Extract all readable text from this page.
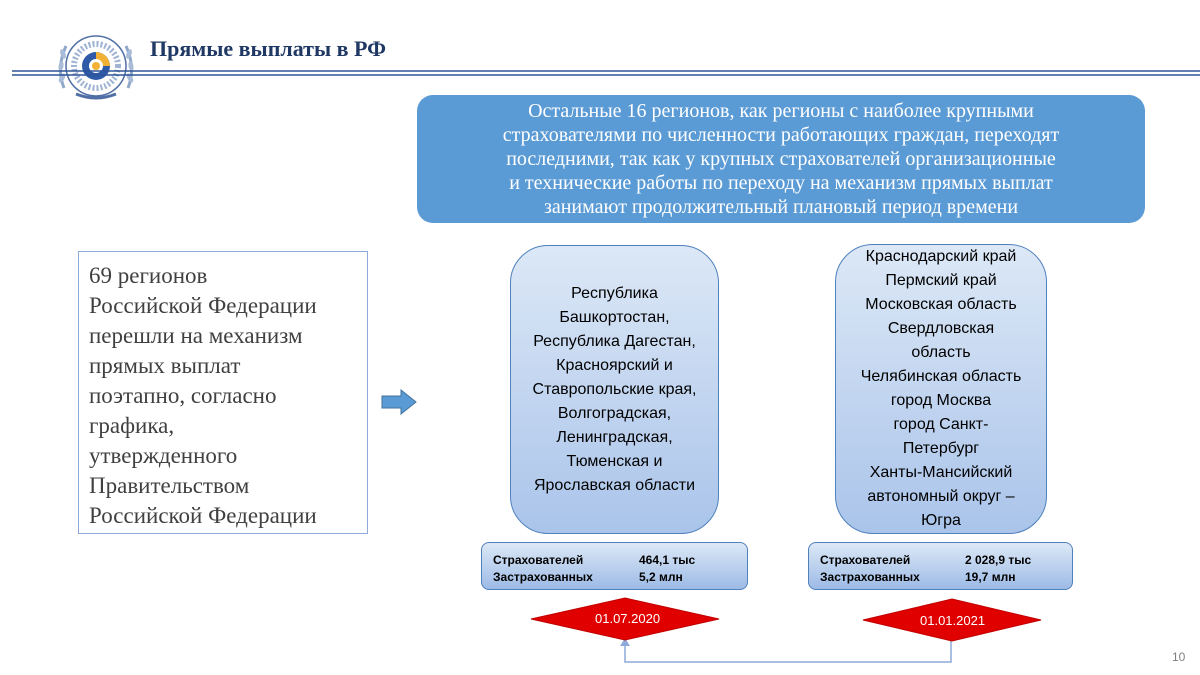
Прямые выплаты в РФ
Остальные 16 регионов, как регионы с наиболее крупными
страхователями по численности работающих граждан, переходят
последними, так как у крупных страхователей организационные
и технические работы по переходу на механизм прямых выплат
занимают продолжительный плановый период времени
69 регионов
Российской Федерации
перешли на механизм
прямых выплат
поэтапно, согласно
графика,
утвержденного
Правительством
Российской Федерации
Республика
Башкортостан,
Республика Дагестан,
Красноярский и
Ставропольские края,
Волгоградская,
Ленинградская,
Тюменская и
Ярославская области
Краснодарский край
Пермский край
Московская область
Свердловская
область
Челябинская область
город Москва
город Санкт-
Петербург
Ханты-Мансийский
автономный округ –
Югра
Страхователей	464,1 тыс
Застрахованных	5,2 млн
Страхователей	2 028,9 тыс
Застрахованных	19,7 млн
01.07.2020	01.01.2021
10
